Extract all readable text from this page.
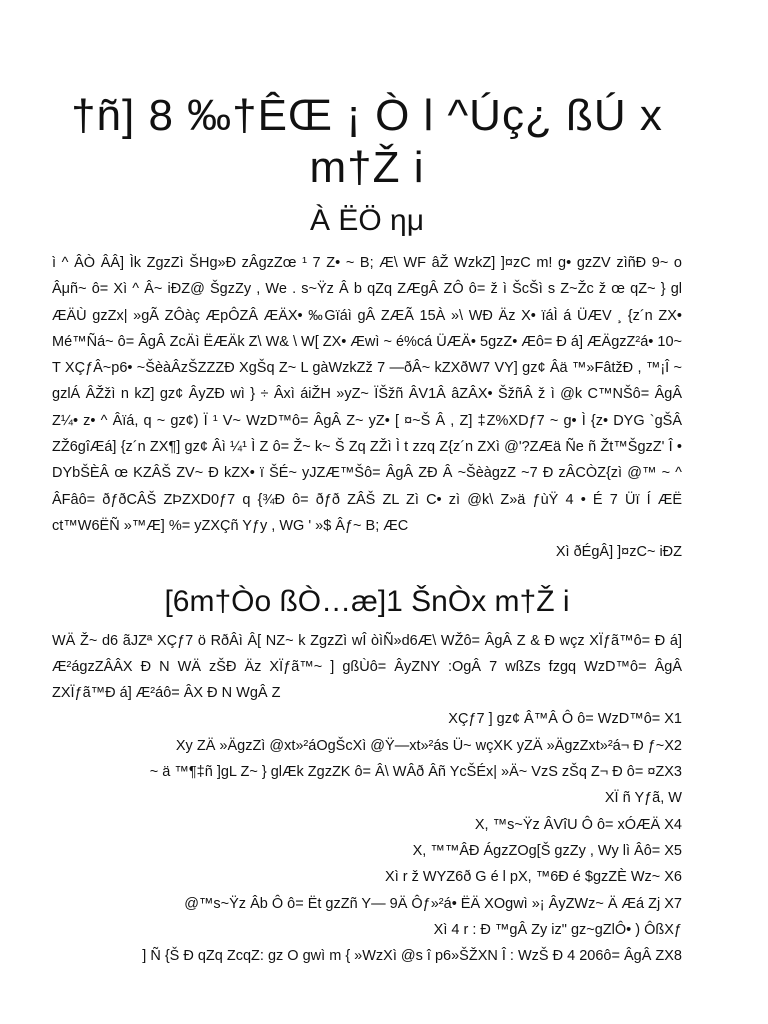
†ñ] 8 ‰†ÊŒ ¡ Ò l ^Úç¿ ßÚ x m†Ž i
À ËÖ ημ

ì ^ ÂÒ ÂÂ] Ìk ZgzZì ŠHg»Ð zÂgzZœ ¹ 7 Z• ~ B; Æ\ WF âŽ WzkZ] ]¤zC m! g• gzZV zìñÐ 9~ o Âμñ~ ô= Xì ^ Â~ iÐZ@ ŠgzZy , We . s~Ÿz Â b qZq ZÆgÂ ZÔ ô= ž ì ŠcŠì s Z~Žc ž œ qZ~ } gl ÆÄÙ gzZx| »gÃ ZÔàç ÆpÔZÂ ÆÄX• ‰Gïáì gÂ ZÆÃ 15À »\ WÐ Äz X• ïáÌ á ÜÆV ¸ {z´n ZX• Mé™Ñá~ ô= ÂgÂ ZcÄì ËÆÄk Z\ W& \ W[ ZX• Æwì ~ é%cá ÜÆÄ• 5gzZ• Æô= Ð á] ÆÄgzZ²á• 10~ T XÇƒÂ~p6• ~ŠèàÂzŠZZZÐ XgŠq Z~ L gàWzkZž 7 —ðÂ~ kZXðW7 VY] gz¢ Âä ™»FâtžÐ , ™¡Î ~ gzlÁ ÂŽžì n kZ] gz¢ ÂyZÐ wì } ÷ Âxì áiŽH »yZ~ ÏŠžñ ÂV1Â âZÂX• ŠžñÂ ž ì @k C™NŠô= ÂgÂ Z¼• z• ^ Âïá, q ~ gz¢) Ï ¹ V~ WzD™ô= ÂgÂ Z~ yZ• [ ¤~Š Â , Z] ‡Z%XDƒ7 ~ g• Ì {z• DYG `gŠÂ ZŽ6gîÆá] {z´n ZX¶] gz¢ Âì ¼¹ Ì Z ô= Ž~ k~ Š Zq ZŽì Ì t zzq Z{z´n ZXì @'?ZÆä Ñe ñ Žt™ŠgzZ' Î • DYbŠÈÂ œ KZÂŠ ZV~ Ð kZX• ï ŠÉ~ yJZÆ™Šô= ÂgÂ ZÐ Â ~ŠèàgzZ ~7 Ð zÂCÒZ{zì @™ ~ ^ ÂFâô= ðƒðCÂŠ ZÞZXD0ƒ7 q {¾Ð ô= ðƒð ZÂŠ ZL Zì C• zì @k\ Z»ä ƒùŸ 4 • É 7 Üï Í ÆË ct™W6ËÑ »™Æ] %= yZXÇñ Yƒy , WG ' »$ Âƒ~ B; ÆC

Xì ðÉgÂ] ]¤zC~ iÐZ

[6m†Òo ßÒ…æ]1 ŠnÒx m†Ž i

WÄ Ž~ d6 ãJZª XÇƒ7 ö RðÂì Â[ NZ~ k ZgzZì wÎ òìÑ»d6Æ\ WŽô= ÂgÂ Z & Ð wçz XÏƒã™ô= Ð á] Æ²ágzZÂÂX Ð N WÄ zŠÐ Äz XÏƒã™~ ] gßÙô= ÂyZNY :OgÂ 7 wßZs fzgq WzD™ô= ÂgÂ ZXÏƒã™Ð á] Æ²áô= ÂX Ð N WgÂ Z

XÇƒ7 ] gz¢ Â™Â Ô ô= WzD™ô= X1
Xy ZÄ »ÄgzZì @xt»²áOgŠcXì @Ÿ—xt»²ás Ü~ wçXK yZÄ »ÄgzZxt»²á¬ Ð ƒ~X2
~ ä ™¶‡ñ ]gL Z~ } glÆk ZgzZK ô= Â\ WÂð Âñ YcŠÉx| »Ä~ VzS zŠq Z¬ Ð ô= ¤ZX3
XÏ ñ Yƒã, W
X, ™s~Ÿz ÂVîU Ô ô= xÓÆÄ X4
X, ™™ÂÐ ÁgzZOg[Š gzZy , Wy lì Âô= X5
Xì r ž WYZ6ð G é l pX, ™6Ð é $gzZÈ Wz~ X6
@™s~Ÿz Âb Ô ô= Ët gzZñ Y— 9Ä Ôƒ»²á• ËÄ XOgwì »¡ ÂyZWz~ Ä Æá Zj X7
Xì 4 r : Ð ™gÂ Zy iz" gz~gZlÔ• ) ÔßXƒ
] Ñ {Š Ð qZq ZcqZ: gz O gwì m { »WzXì @s î p6»ŠŽXN Î : WzŠ Ð 4 206ô= ÂgÂ ZX8
